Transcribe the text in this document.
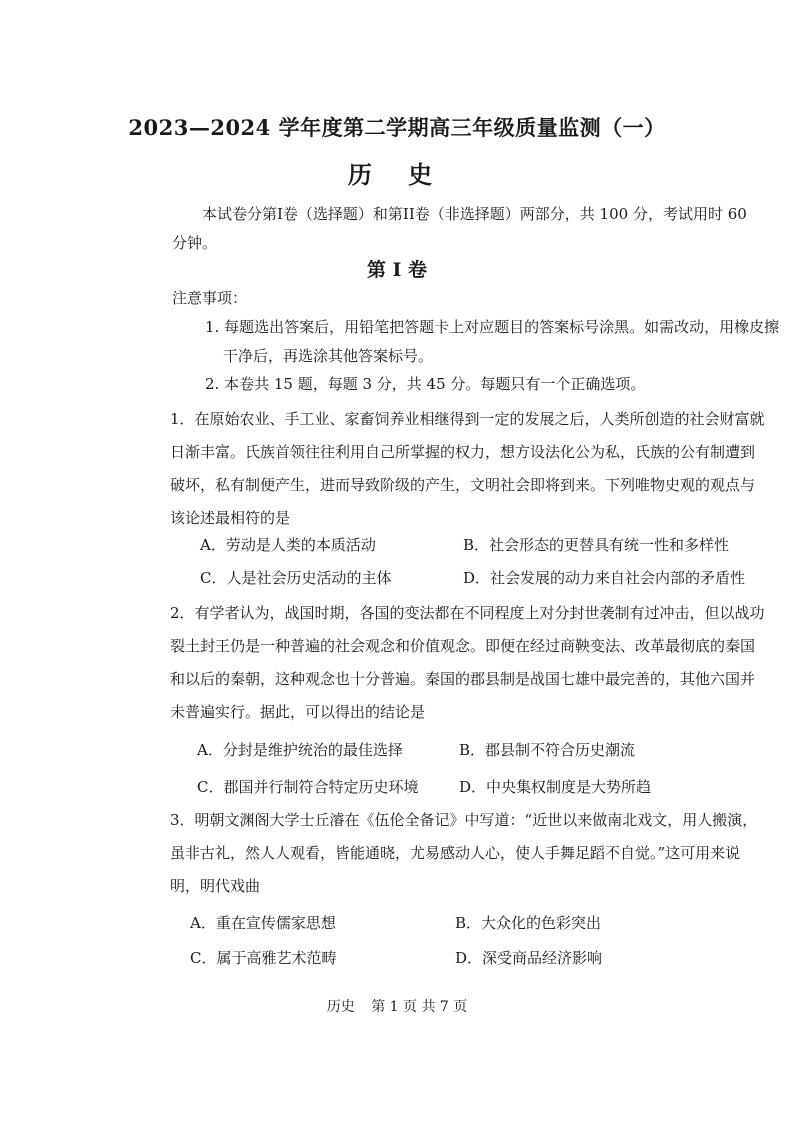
2023—2024 学年度第二学期高三年级质量监测（一）
历 史
本试卷分第I卷（选择题）和第II卷（非选择题）两部分，共 100 分，考试用时 60 分钟。
第 I 卷
注意事项：
1. 每题选出答案后，用铅笔把答题卡上对应题目的答案标号涂黑。如需改动，用橡皮擦干净后，再选涂其他答案标号。
2. 本卷共 15 题，每题 3 分，共 45 分。每题只有一个正确选项。
1．在原始农业、手工业、家畜饲养业相继得到一定的发展之后，人类所创造的社会财富就日渐丰富。氏族首领往往利用自己所掌握的权力，想方设法化公为私，氏族的公有制遭到破坏，私有制便产生，进而导致阶级的产生，文明社会即将到来。下列唯物史观的观点与该论述最相符的是
A．劳动是人类的本质活动	B．社会形态的更替具有统一性和多样性
C．人是社会历史活动的主体	D．社会发展的动力来自社会内部的矛盾性
2．有学者认为，战国时期，各国的变法都在不同程度上对分封世袭制有过冲击，但以战功裂土封王仍是一种普遍的社会观念和价值观念。即便在经过商鞅变法、改革最彻底的秦国和以后的秦朝，这种观念也十分普遍。秦国的郡县制是战国七雄中最完善的，其他六国并未普遍实行。据此，可以得出的结论是
A．分封是维护统治的最佳选择	B．郡县制不符合历史潮流
C．郡国并行制符合特定历史环境	D．中央集权制度是大势所趋
3．明朝文渊阁大学士丘濬在《伍伦全备记》中写道：“近世以来做南北戏文，用人搬演，虽非古礼，然人人观看，皆能通晓，尤易感动人心，使人手舞足蹈不自觉。”这可用来说明，明代戏曲
A．重在宣传儒家思想	B．大众化的色彩突出
C．属于高雅艺术范畴	D．深受商品经济影响
历史 第 1 页 共 7 页
